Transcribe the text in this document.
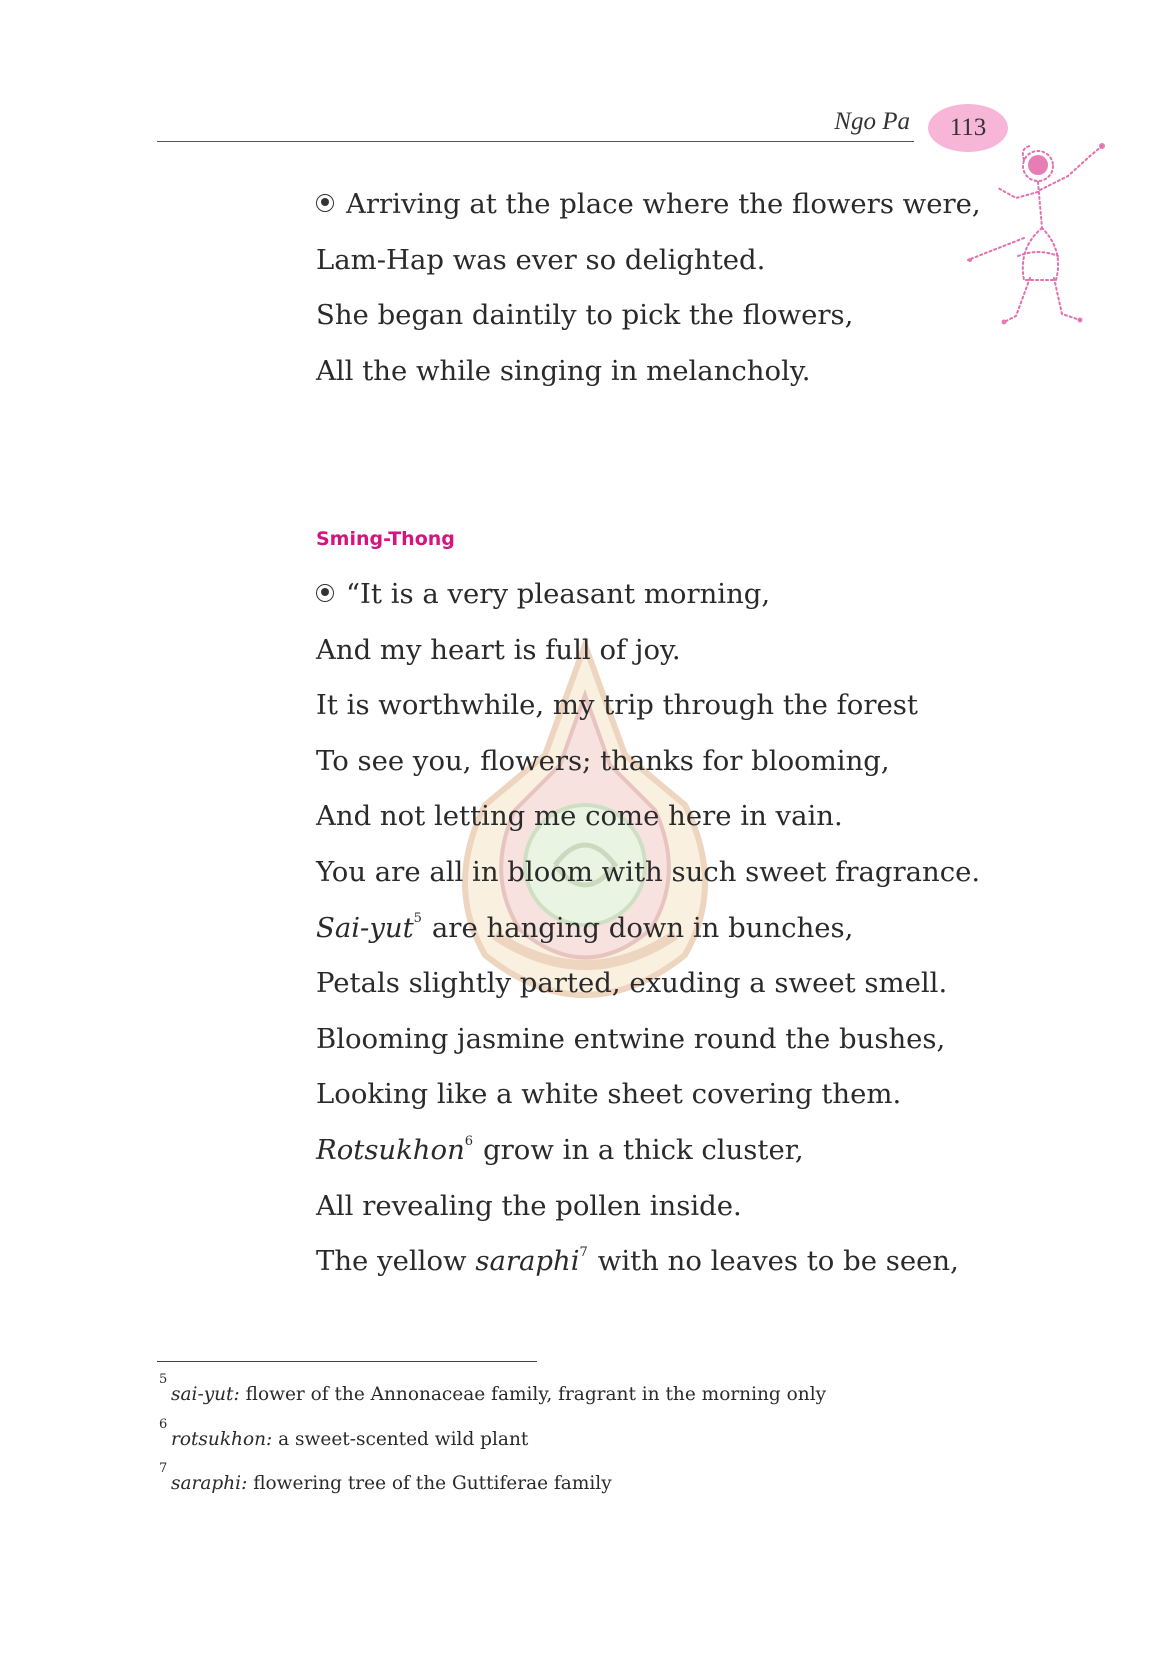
Ngo Pa	113
Arriving at the place where the flowers were,
Lam-Hap was ever so delighted.
She began daintily to pick the flowers,
All the while singing in melancholy.
Sming-Thong
“It is a very pleasant morning,
And my heart is full of joy.
It is worthwhile, my trip through the forest
To see you, flowers; thanks for blooming,
And not letting me come here in vain.
You are all in bloom with such sweet fragrance.
Sai-yut$^5$ are hanging down in bunches,
Petals slightly parted, exuding a sweet smell.
Blooming jasmine entwine round the bushes,
Looking like a white sheet covering them.
Rotsukhon$^6$ grow in a thick cluster,
All revealing the pollen inside.
The yellow saraphi$^7$ with no leaves to be seen,
5
sai-yut: flower of the Annonaceae family, fragrant in the morning only
6
rotsukhon: a sweet-scented wild plant
7
saraphi: flowering tree of the Guttiferae family
